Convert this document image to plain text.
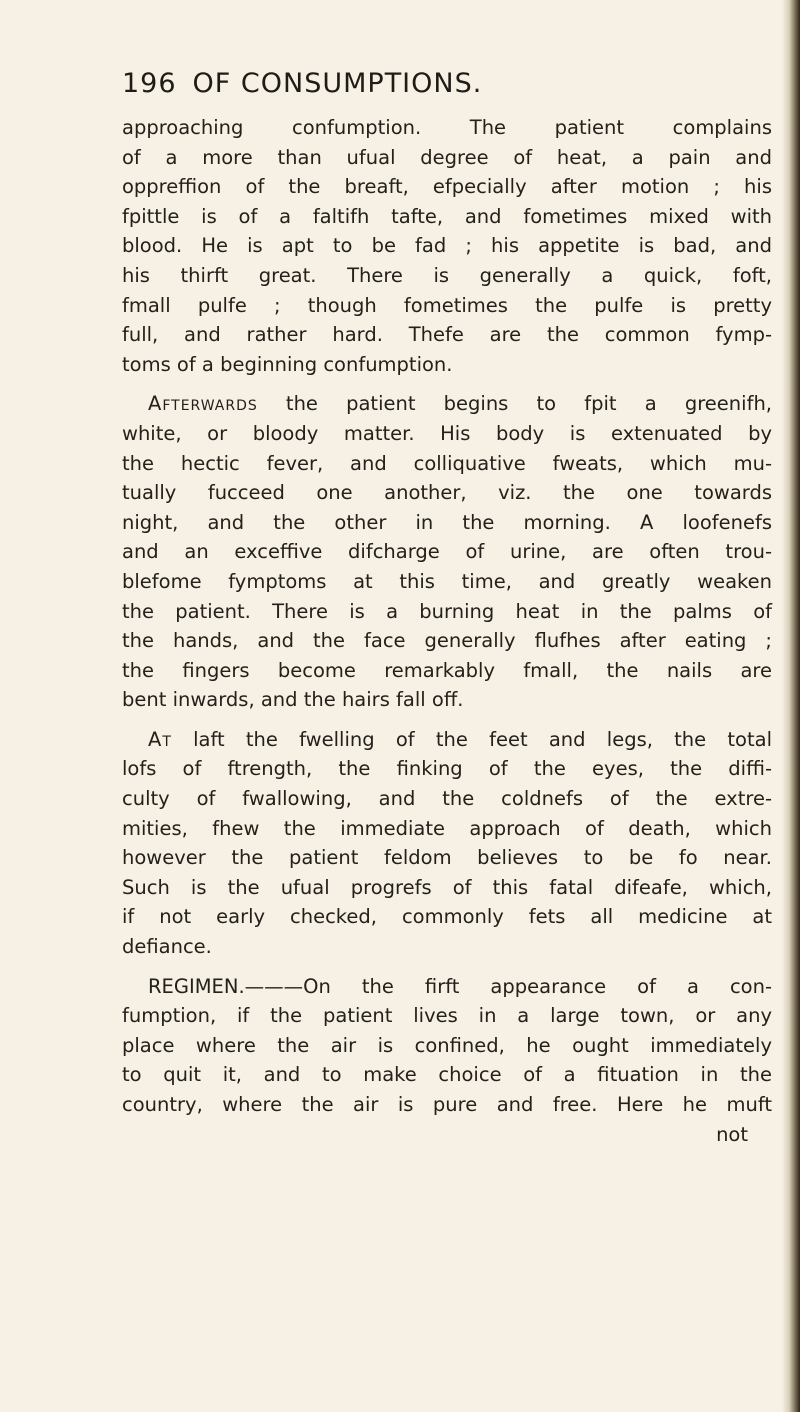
196 OF CONSUMPTIONS.

approaching confumption. The patient complains
of a more than ufual degree of heat, a pain and
oppreffion of the breaft, efpecially after motion ; his
fpittle is of a faltifh tafte, and fometimes mixed with
blood. He is apt to be fad ; his appetite is bad, and
his thirft great. There is generally a quick, foft,
fmall pulfe ; though fometimes the pulfe is pretty
full, and rather hard. Thefe are the common fymp-
toms of a beginning confumption.

Afterwards the patient begins to fpit a greenifh,
white, or bloody matter. His body is extenuated by
the hectic fever, and colliquative fweats, which mu-
tually fucceed one another, viz. the one towards
night, and the other in the morning. A loofenefs
and an exceffive difcharge of urine, are often trou-
blefome fymptoms at this time, and greatly weaken
the patient. There is a burning heat in the palms of
the hands, and the face generally flufhes after eating ;
the fingers become remarkably fmall, the nails are
bent inwards, and the hairs fall off.

At laft the fwelling of the feet and legs, the total
lofs of ftrength, the finking of the eyes, the diffi-
culty of fwallowing, and the coldnefs of the extre-
mities, fhew the immediate approach of death, which
however the patient feldom believes to be fo near.
Such is the ufual progrefs of this fatal difeafe, which,
if not early checked, commonly fets all medicine at
defiance.

REGIMEN.———On the firft appearance of a con-
fumption, if the patient lives in a large town, or any
place where the air is confined, he ought immediately
to quit it, and to make choice of a fituation in the
country, where the air is pure and free. Here he muft
not
